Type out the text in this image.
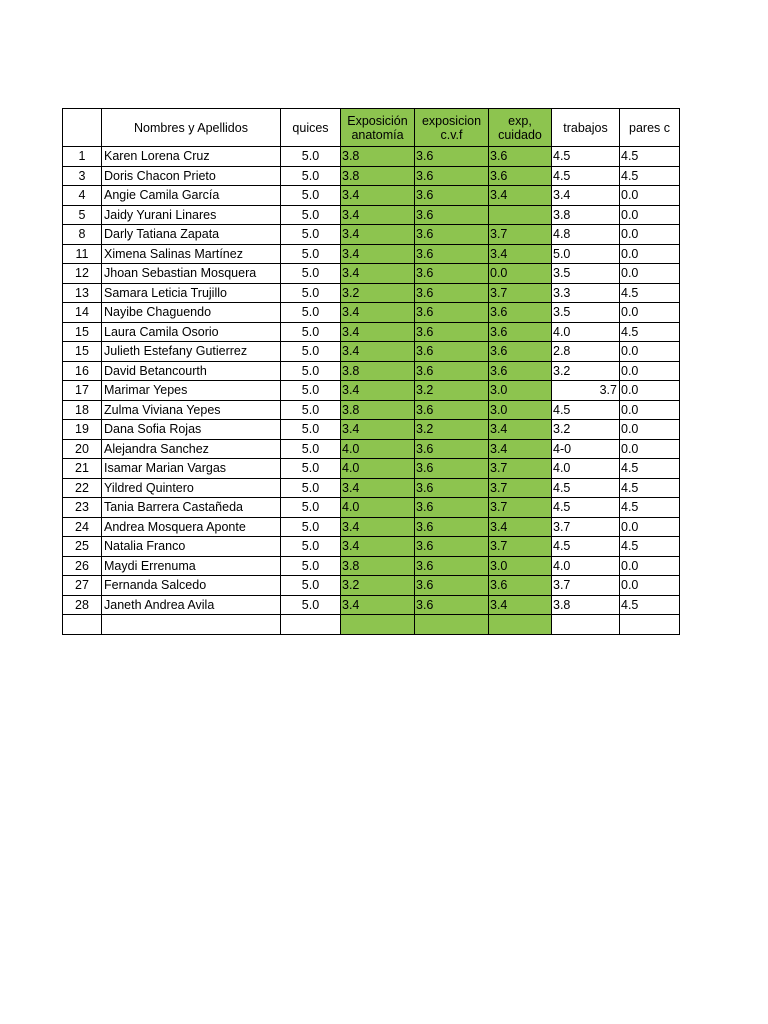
	Nombres y Apellidos	quices	Exposición anatomía	exposicion c.v.f	exp, cuidado	trabajos	pares c
1	Karen Lorena Cruz	5.0	3.8	3.6	3.6	4.5	4.5
3	Doris Chacon Prieto	5.0	3.8	3.6	3.6	4.5	4.5
4	Angie Camila García	5.0	3.4	3.6	3.4	3.4	0.0
5	Jaidy Yurani Linares	5.0	3.4	3.6		3.8	0.0
8	Darly Tatiana Zapata	5.0	3.4	3.6	3.7	4.8	0.0
11	Ximena Salinas Martínez	5.0	3.4	3.6	3.4	5.0	0.0
12	Jhoan Sebastian Mosquera	5.0	3.4	3.6	0.0	3.5	0.0
13	Samara Leticia Trujillo	5.0	3.2	3.6	3.7	3.3	4.5
14	Nayibe Chaguendo	5.0	3.4	3.6	3.6	3.5	0.0
15	Laura Camila Osorio	5.0	3.4	3.6	3.6	4.0	4.5
15	Julieth Estefany Gutierrez	5.0	3.4	3.6	3.6	2.8	0.0
16	David Betancourth	5.0	3.8	3.6	3.6	3.2	0.0
17	Marimar Yepes	5.0	3.4	3.2	3.0	3.7	0.0
18	Zulma Viviana Yepes	5.0	3.8	3.6	3.0	4.5	0.0
19	Dana Sofia Rojas	5.0	3.4	3.2	3.4	3.2	0.0
20	Alejandra Sanchez	5.0	4.0	3.6	3.4	4-0	0.0
21	Isamar Marian Vargas	5.0	4.0	3.6	3.7	4.0	4.5
22	Yildred Quintero	5.0	3.4	3.6	3.7	4.5	4.5
23	Tania Barrera Castañeda	5.0	4.0	3.6	3.7	4.5	4.5
24	Andrea Mosquera Aponte	5.0	3.4	3.6	3.4	3.7	0.0
25	Natalia Franco	5.0	3.4	3.6	3.7	4.5	4.5
26	Maydi Errenuma	5.0	3.8	3.6	3.0	4.0	0.0
27	Fernanda Salcedo	5.0	3.2	3.6	3.6	3.7	0.0
28	Janeth Andrea Avila	5.0	3.4	3.6	3.4	3.8	4.5
